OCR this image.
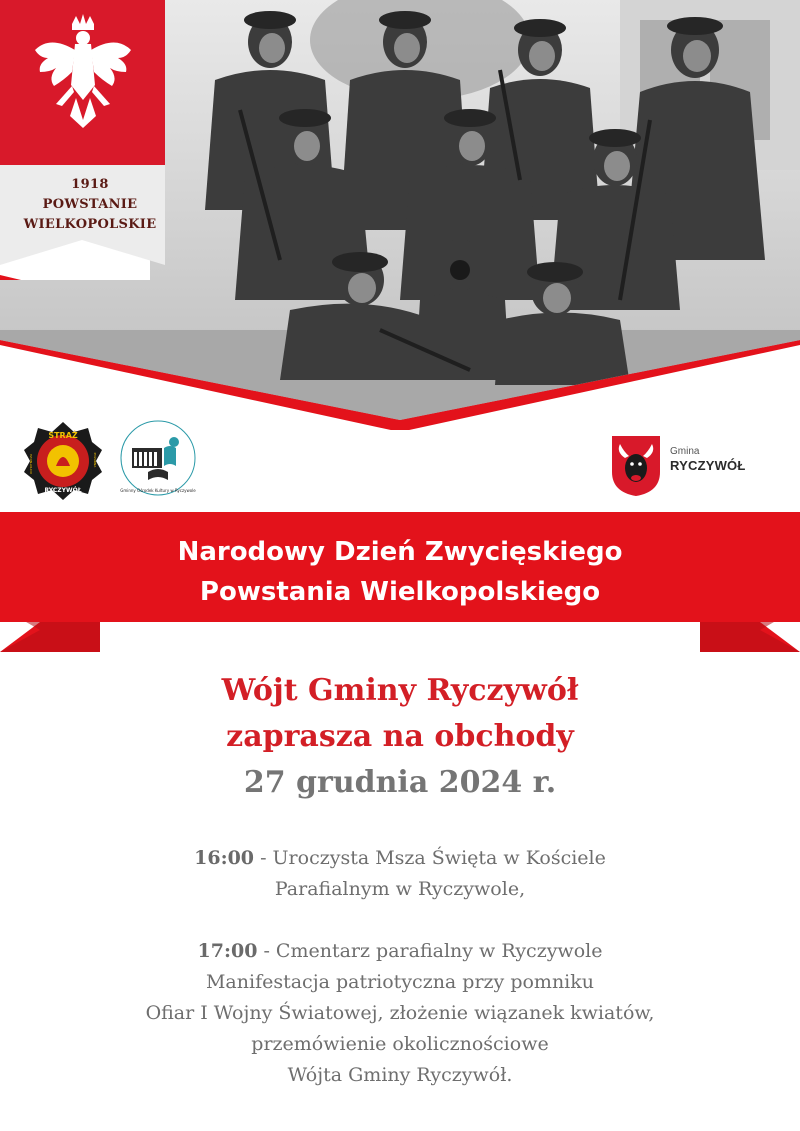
1918
POWSTANIE
WIELKOPOLSKIE
STRAŻ
RYCZYWÓŁ
OCHOTNICZA	POŻARNA
Gminny Ośrodek Kultury w Ryczywole
Gmina
RYCZYWÓŁ
Narodowy Dzień Zwycięskiego
Powstania Wielkopolskiego
Wójt Gminy Ryczywół
zaprasza na obchody
27 grudnia 2024 r.
16:00 - Uroczysta Msza Święta w Kościele
Parafialnym w Ryczywole,
17:00 - Cmentarz parafialny w Ryczywole
Manifestacja patriotyczna przy pomniku
Ofiar I Wojny Światowej, złożenie wiązanek kwiatów,
przemówienie okolicznościowe
Wójta Gminy Ryczywół.
